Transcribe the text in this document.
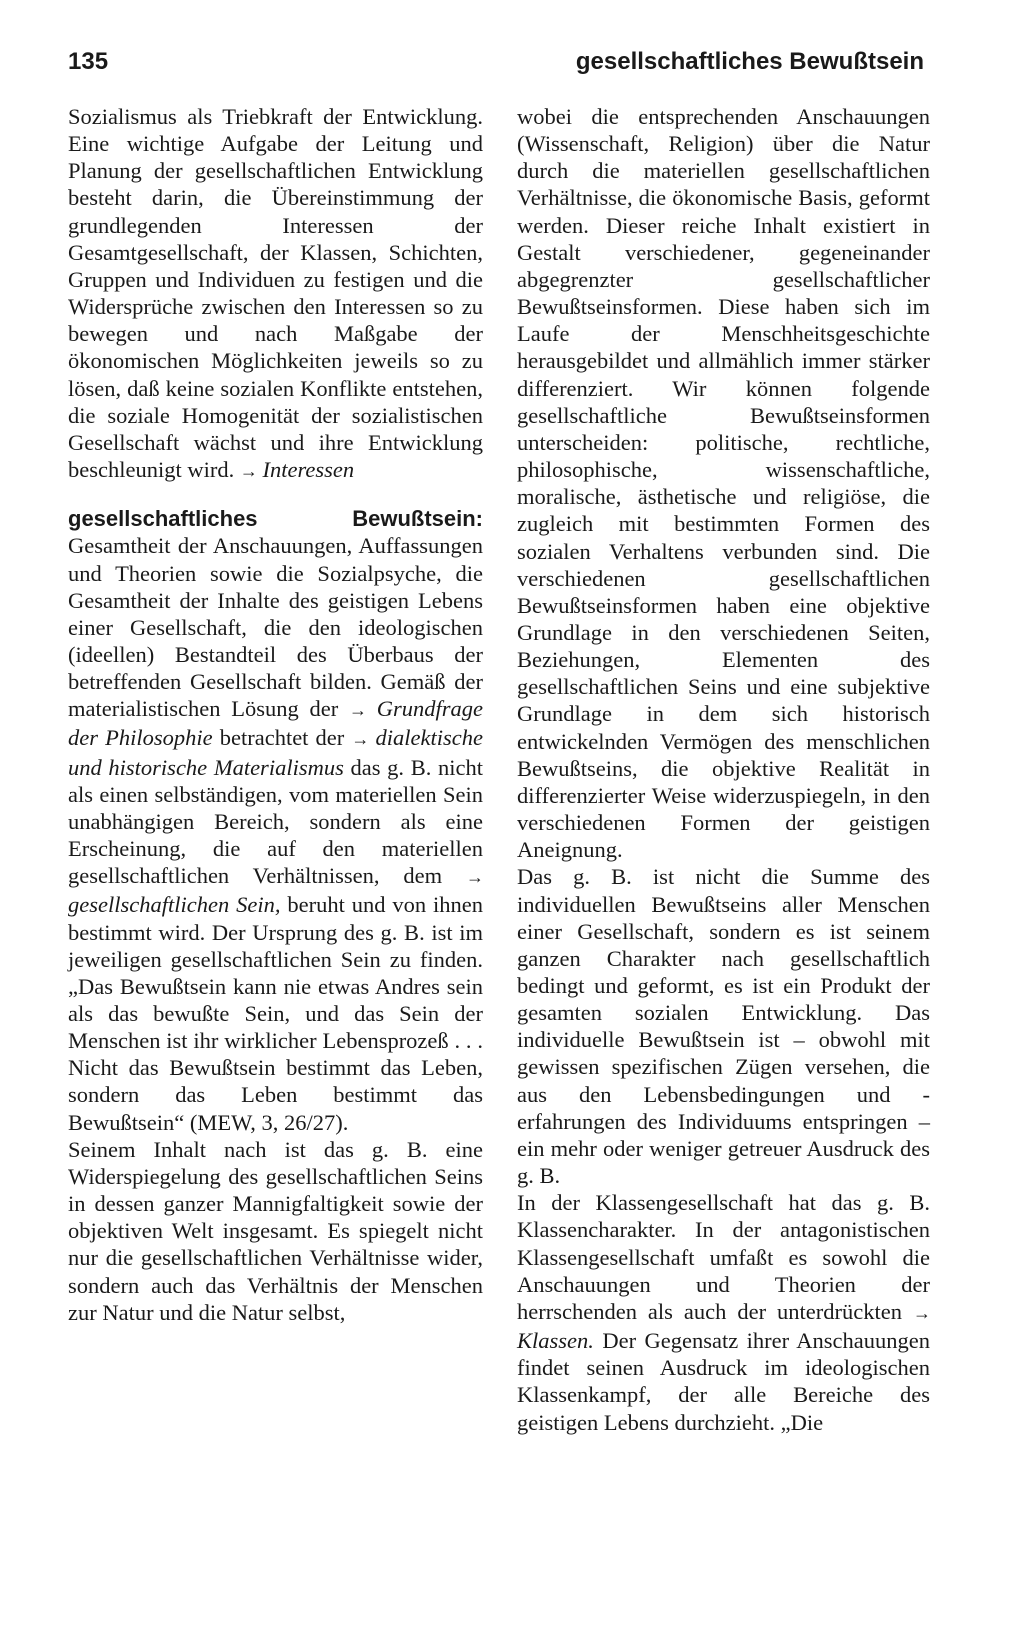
135	gesellschaftliches Bewußtsein

Sozialismus als Triebkraft der Entwicklung. Eine wichtige Aufgabe der Leitung und Planung der gesellschaftlichen Entwicklung besteht darin, die Übereinstimmung der grundlegenden Interessen der Gesamtgesellschaft, der Klassen, Schichten, Gruppen und Individuen zu festigen und die Widersprüche zwischen den Interessen so zu bewegen und nach Maßgabe der ökonomischen Möglichkeiten jeweils so zu lösen, daß keine sozialen Konflikte entstehen, die soziale Homogenität der sozialistischen Gesellschaft wächst und ihre Entwicklung beschleunigt wird. → Interessen

gesellschaftliches Bewußtsein: Gesamtheit der Anschauungen, Auffassungen und Theorien sowie die Sozialpsyche, die Gesamtheit der Inhalte des geistigen Lebens einer Gesellschaft, die den ideologischen (ideellen) Bestandteil des Überbaus der betreffenden Gesellschaft bilden. Gemäß der materialistischen Lösung der → Grundfrage der Philosophie betrachtet der → dialektische und historische Materialismus das g. B. nicht als einen selbständigen, vom materiellen Sein unabhängigen Bereich, sondern als eine Erscheinung, die auf den materiellen gesellschaftlichen Verhältnissen, dem → gesellschaftlichen Sein, beruht und von ihnen bestimmt wird. Der Ursprung des g. B. ist im jeweiligen gesellschaftlichen Sein zu finden. „Das Bewußtsein kann nie etwas Andres sein als das bewußte Sein, und das Sein der Menschen ist ihr wirklicher Lebensprozeß . . . Nicht das Bewußtsein bestimmt das Leben, sondern das Leben bestimmt das Bewußtsein“ (MEW, 3, 26/27).

Seinem Inhalt nach ist das g. B. eine Widerspiegelung des gesellschaftlichen Seins in dessen ganzer Mannigfaltigkeit sowie der objektiven Welt insgesamt. Es spiegelt nicht nur die gesellschaftlichen Verhältnisse wider, sondern auch das Verhältnis der Menschen zur Natur und die Natur selbst,

wobei die entsprechenden Anschauungen (Wissenschaft, Religion) über die Natur durch die materiellen gesellschaftlichen Verhältnisse, die ökonomische Basis, geformt werden. Dieser reiche Inhalt existiert in Gestalt verschiedener, gegeneinander abgegrenzter gesellschaftlicher Bewußtseinsformen. Diese haben sich im Laufe der Menschheitsgeschichte herausgebildet und allmählich immer stärker differenziert. Wir können folgende gesellschaftliche Bewußtseinsformen unterscheiden: politische, rechtliche, philosophische, wissenschaftliche, moralische, ästhetische und religiöse, die zugleich mit bestimmten Formen des sozialen Verhaltens verbunden sind. Die verschiedenen gesellschaftlichen Bewußtseinsformen haben eine objektive Grundlage in den verschiedenen Seiten, Beziehungen, Elementen des gesellschaftlichen Seins und eine subjektive Grundlage in dem sich historisch entwickelnden Vermögen des menschlichen Bewußtseins, die objektive Realität in differenzierter Weise widerzuspiegeln, in den verschiedenen Formen der geistigen Aneignung.

Das g. B. ist nicht die Summe des individuellen Bewußtseins aller Menschen einer Gesellschaft, sondern es ist seinem ganzen Charakter nach gesellschaftlich bedingt und geformt, es ist ein Produkt der gesamten sozialen Entwicklung. Das individuelle Bewußtsein ist – obwohl mit gewissen spezifischen Zügen versehen, die aus den Lebensbedingungen und -erfahrungen des Individuums entspringen – ein mehr oder weniger getreuer Ausdruck des g. B.

In der Klassengesellschaft hat das g. B. Klassencharakter. In der antagonistischen Klassengesellschaft umfaßt es sowohl die Anschauungen und Theorien der herrschenden als auch der unterdrückten → Klassen. Der Gegensatz ihrer Anschauungen findet seinen Ausdruck im ideologischen Klassenkampf, der alle Bereiche des geistigen Lebens durchzieht. „Die
